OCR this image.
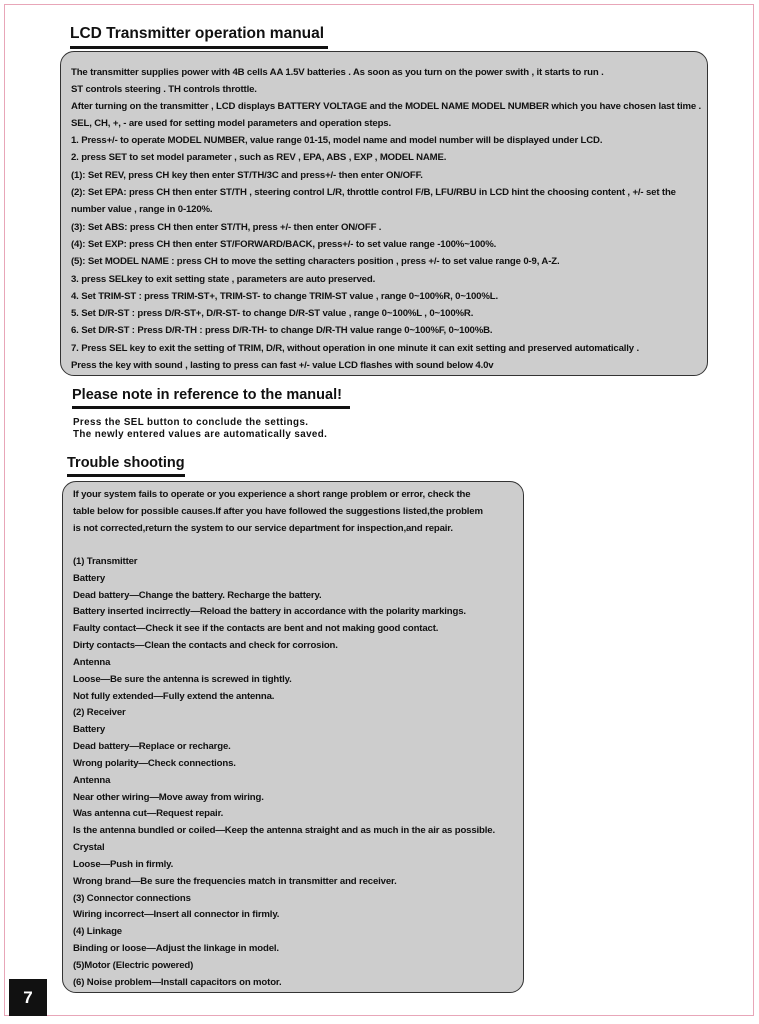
LCD Transmitter operation manual
The transmitter supplies power with 4B cells AA 1.5V batteries . As soon as you turn on the power swith , it starts to run .
ST controls steering . TH controls throttle.
After turning on the transmitter , LCD displays BATTERY VOLTAGE and the MODEL NAME MODEL NUMBER which you have chosen last time .
SEL, CH, +, - are used for setting model parameters and operation steps.
1. Press+/- to operate MODEL NUMBER, value range 01-15, model name and model number will be displayed under LCD.
2. press SET to set model parameter , such as REV , EPA, ABS , EXP , MODEL NAME.
(1): Set REV, press CH key then enter ST/TH/3C and press+/- then enter ON/OFF.
(2): Set EPA: press CH then enter ST/TH , steering control L/R, throttle control F/B, LFU/RBU in LCD hint the choosing content , +/- set the
number value , range in 0-120%.
(3): Set ABS: press CH then enter ST/TH, press +/- then enter ON/OFF .
(4): Set EXP: press CH then enter ST/FORWARD/BACK, press+/- to set value range -100%~100%.
(5): Set MODEL NAME : press CH to move the setting characters position , press +/- to set value range 0-9, A-Z.
3. press SELkey to exit setting state , parameters are auto preserved.
4. Set TRIM-ST : press TRIM-ST+, TRIM-ST- to change TRIM-ST value , range 0~100%R, 0~100%L.
5. Set D/R-ST : press D/R-ST+, D/R-ST- to change D/R-ST value , range 0~100%L , 0~100%R.
6. Set D/R-ST : Press D/R-TH : press D/R-TH- to change D/R-TH value range 0~100%F, 0~100%B.
7. Press SEL key to exit the setting of TRIM, D/R, without operation in one minute it can exit setting and preserved automatically .
Press the key with sound , lasting to press can fast +/- value LCD flashes with sound below 4.0v
Please note in reference to the manual!
Press the SEL button to conclude the settings.
The newly entered values are automatically saved.
Trouble shooting
If your system fails to operate or you experience a short range problem or error, check the
table below for possible causes.If after you have followed the suggestions listed,the problem
is not corrected,return the system to our service department for inspection,and repair.
(1) Transmitter
Battery
Dead battery—Change the battery. Recharge the battery.
Battery inserted incirrectly—Reload the battery in accordance with the polarity markings.
Faulty contact—Check it see if the contacts are bent and not making good contact.
Dirty contacts—Clean the contacts and check for corrosion.
Antenna
Loose—Be sure the antenna is screwed in tightly.
Not fully extended—Fully extend the antenna.
(2) Receiver
Battery
Dead battery—Replace or recharge.
Wrong polarity—Check connections.
Antenna
Near other wiring—Move away from wiring.
Was antenna cut—Request repair.
Is the antenna bundled or coiled—Keep the antenna straight and as much in the air as possible.
Crystal
Loose—Push in firmly.
Wrong brand—Be sure the frequencies match in transmitter and receiver.
(3) Connector connections
Wiring incorrect—Insert all connector in firmly.
(4) Linkage
Binding or loose—Adjust the linkage in model.
(5)Motor (Electric powered)
(6) Noise problem—Install capacitors on motor.
7
